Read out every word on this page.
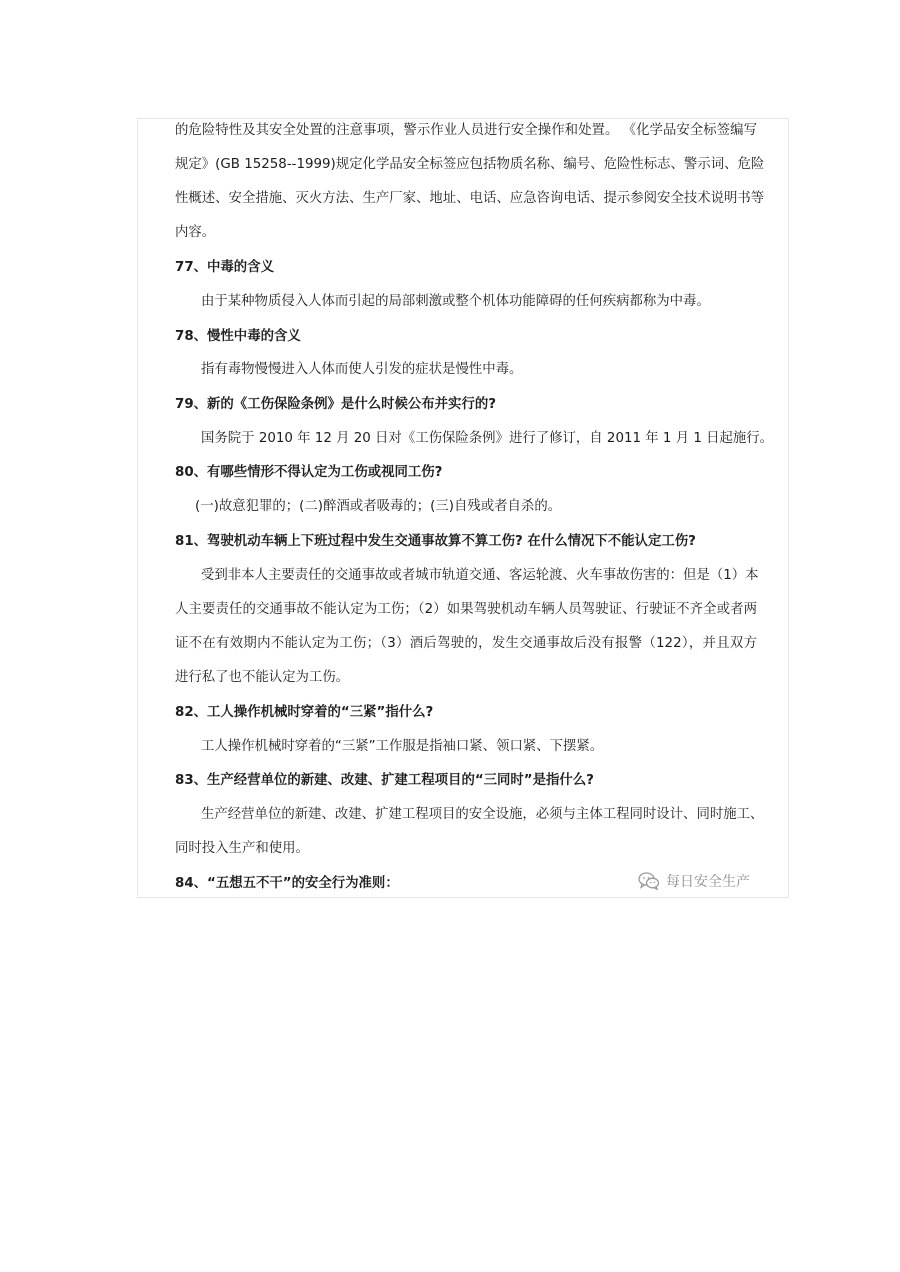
的危险特性及其安全处置的注意事项，警示作业人员进行安全操作和处置。 《化学品安全标签编写
规定》(GB 15258--1999)规定化学品安全标签应包括物质名称、编号、危险性标志、警示词、危险
性概述、安全措施、灭火方法、生产厂家、地址、电话、应急咨询电话、提示参阅安全技术说明书等
内容。
77、中毒的含义
由于某种物质侵入人体而引起的局部刺激或整个机体功能障碍的任何疾病都称为中毒。
78、慢性中毒的含义
指有毒物慢慢进入人体而使人引发的症状是慢性中毒。
79、新的《工伤保险条例》是什么时候公布并实行的?
国务院于 2010 年 12 月 20 日对《工伤保险条例》进行了修订，自 2011 年 1 月 1 日起施行。
80、有哪些情形不得认定为工伤或视同工伤?
(一)故意犯罪的；(二)醉酒或者吸毒的；(三)自残或者自杀的。
81、驾驶机动车辆上下班过程中发生交通事故算不算工伤? 在什么情况下不能认定工伤?
受到非本人主要责任的交通事故或者城市轨道交通、客运轮渡、火车事故伤害的：但是（1）本
人主要责任的交通事故不能认定为工伤；（2）如果驾驶机动车辆人员驾驶证、行驶证不齐全或者两
证不在有效期内不能认定为工伤；（3）酒后驾驶的，发生交通事故后没有报警（122），并且双方
进行私了也不能认定为工伤。
82、工人操作机械时穿着的“三紧”指什么?
工人操作机械时穿着的“三紧”工作服是指袖口紧、领口紧、下摆紧。
83、生产经营单位的新建、改建、扩建工程项目的“三同时”是指什么?
生产经营单位的新建、改建、扩建工程项目的安全设施，必须与主体工程同时设计、同时施工、
同时投入生产和使用。
84、“五想五不干”的安全行为准则：	每日安全生产
